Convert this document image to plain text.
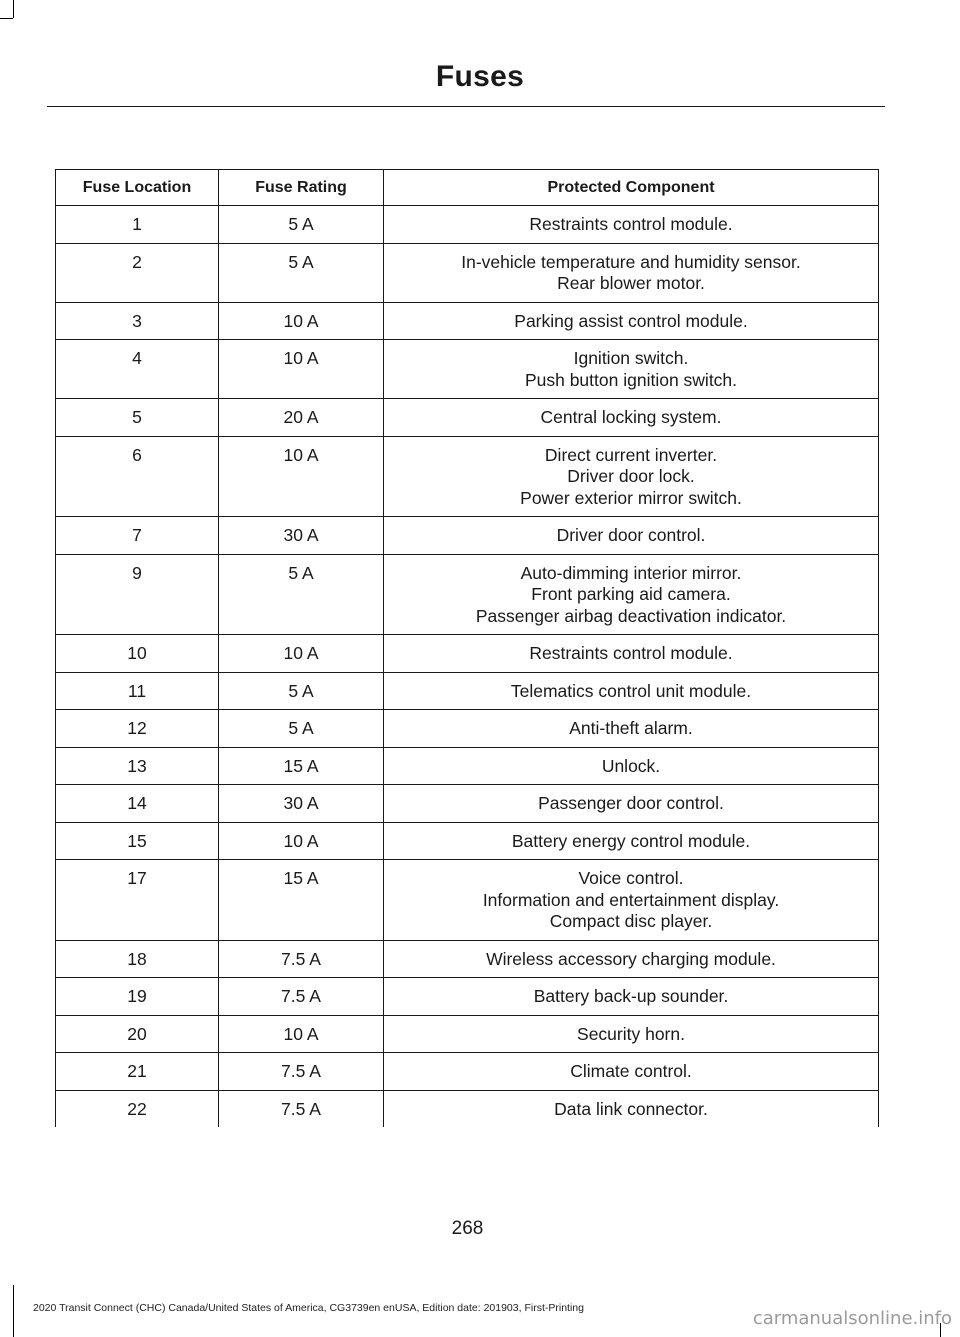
Fuses
Fuse Location	Fuse Rating	Protected Component
1	5 A	Restraints control module.

2	5 A	In-vehicle temperature and humidity sensor.
Rear blower motor.

3	10 A	Parking assist control module.

4	10 A	Ignition switch.
Push button ignition switch.

5	20 A	Central locking system.

6	10 A	Direct current inverter.
Driver door lock.
Power exterior mirror switch.

7	30 A	Driver door control.

9	5 A	Auto-dimming interior mirror.
Front parking aid camera.
Passenger airbag deactivation indicator.

10	10 A	Restraints control module.

11	5 A	Telematics control unit module.

12	5 A	Anti-theft alarm.

13	15 A	Unlock.

14	30 A	Passenger door control.

15	10 A	Battery energy control module.

17	15 A	Voice control.
Information and entertainment display.
Compact disc player.

18	7.5 A	Wireless accessory charging module.

19	7.5 A	Battery back-up sounder.

20	10 A	Security horn.

21	7.5 A	Climate control.

22	7.5 A	Data link connector.
268
2020 Transit Connect (CHC) Canada/United States of America, CG3739en enUSA, Edition date: 201903, First-Printing	carmanualsonline.info
